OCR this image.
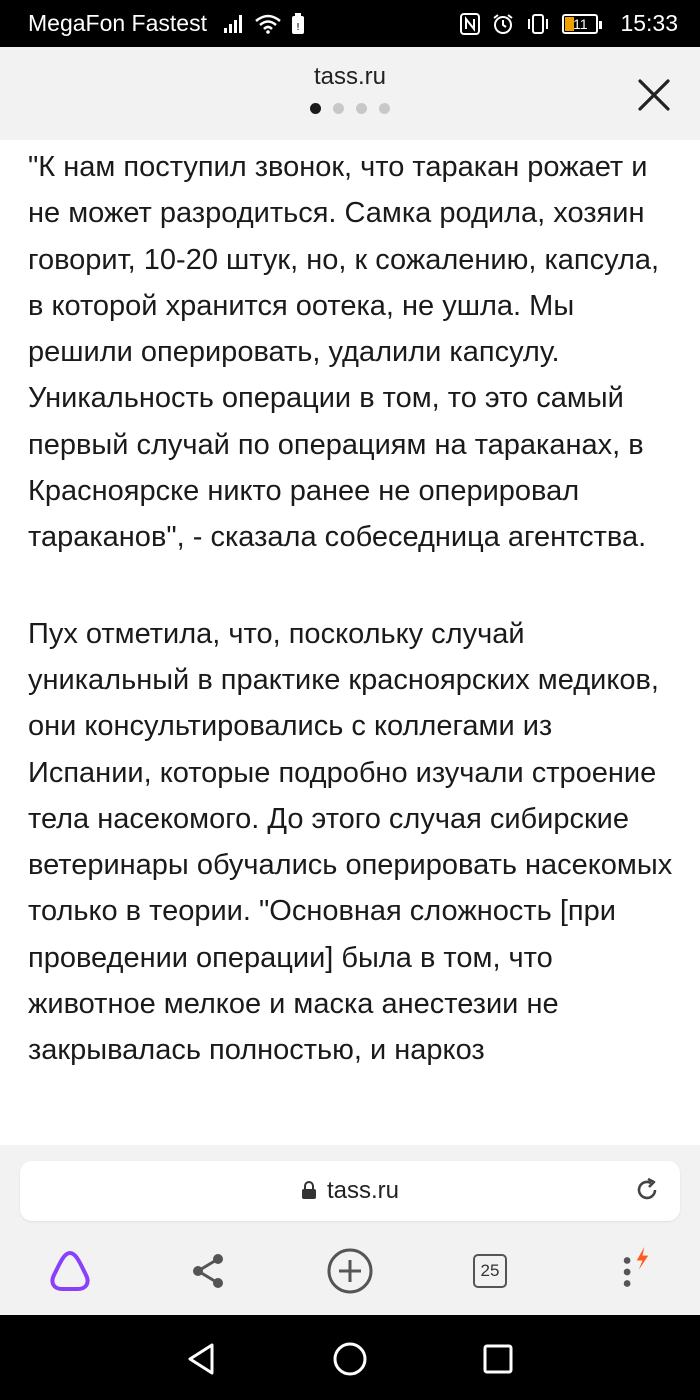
MegaFon Fastest	!	11 15:33
tass.ru

"К нам поступил звонок, что таракан рожает и не может разродиться. Самка родила, хозяин говорит, 10-20 штук, но, к сожалению, капсула, в которой хранится оотека, не ушла. Мы решили оперировать, удалили капсулу. Уникальность операции в том, то это самый первый случай по операциям на тараканах, в Красноярске никто ранее не оперировал тараканов", - сказала собеседница агентства.

Пух отметила, что, поскольку случай уникальный в практике красноярских медиков, они консультировались с коллегами из Испании, которые подробно изучали строение тела насекомого. До этого случая сибирские ветеринары обучались оперировать насекомых только в теории. "Основная сложность [при проведении операции] была в том, что животное мелкое и маска анестезии не закрывалась полностью, и наркоз

tass.ru
25
